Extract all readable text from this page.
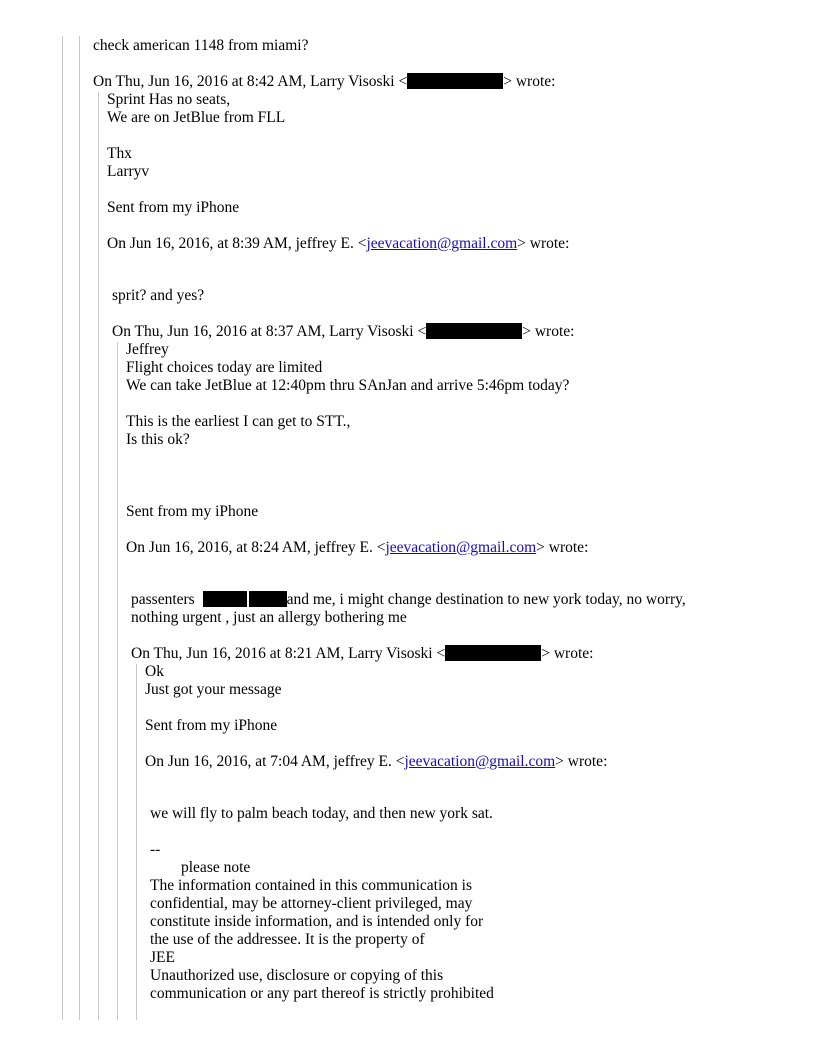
check american 1148 from miami?
On Thu, Jun 16, 2016 at 8:42 AM, Larry Visoski <	> wrote:
Sprint Has no seats,
We are on JetBlue from FLL
Thx
Larryv
Sent from my iPhone
On Jun 16, 2016, at 8:39 AM, jeffrey E. <jeevacation@gmail.com> wrote:
sprit? and yes?
On Thu, Jun 16, 2016 at 8:37 AM, Larry Visoski <	> wrote:
Jeffrey
Flight choices today are limited
We can take JetBlue at 12:40pm thru SAnJan and arrive 5:46pm today?
This is the earliest I can get to STT.,
Is this ok?
Sent from my iPhone
On Jun 16, 2016, at 8:24 AM, jeffrey E. <jeevacation@gmail.com> wrote:
passenters	and me, i might change destination to new york today, no worry,
nothing urgent , just an allergy bothering me
On Thu, Jun 16, 2016 at 8:21 AM, Larry Visoski <	> wrote:
Ok
Just got your message
Sent from my iPhone
On Jun 16, 2016, at 7:04 AM, jeffrey E. <jeevacation@gmail.com> wrote:
we will fly to palm beach today, and then new york sat.
--
please note
The information contained in this communication is
confidential, may be attorney-client privileged, may
constitute inside information, and is intended only for
the use of the addressee. It is the property of
JEE
Unauthorized use, disclosure or copying of this
communication or any part thereof is strictly prohibited
